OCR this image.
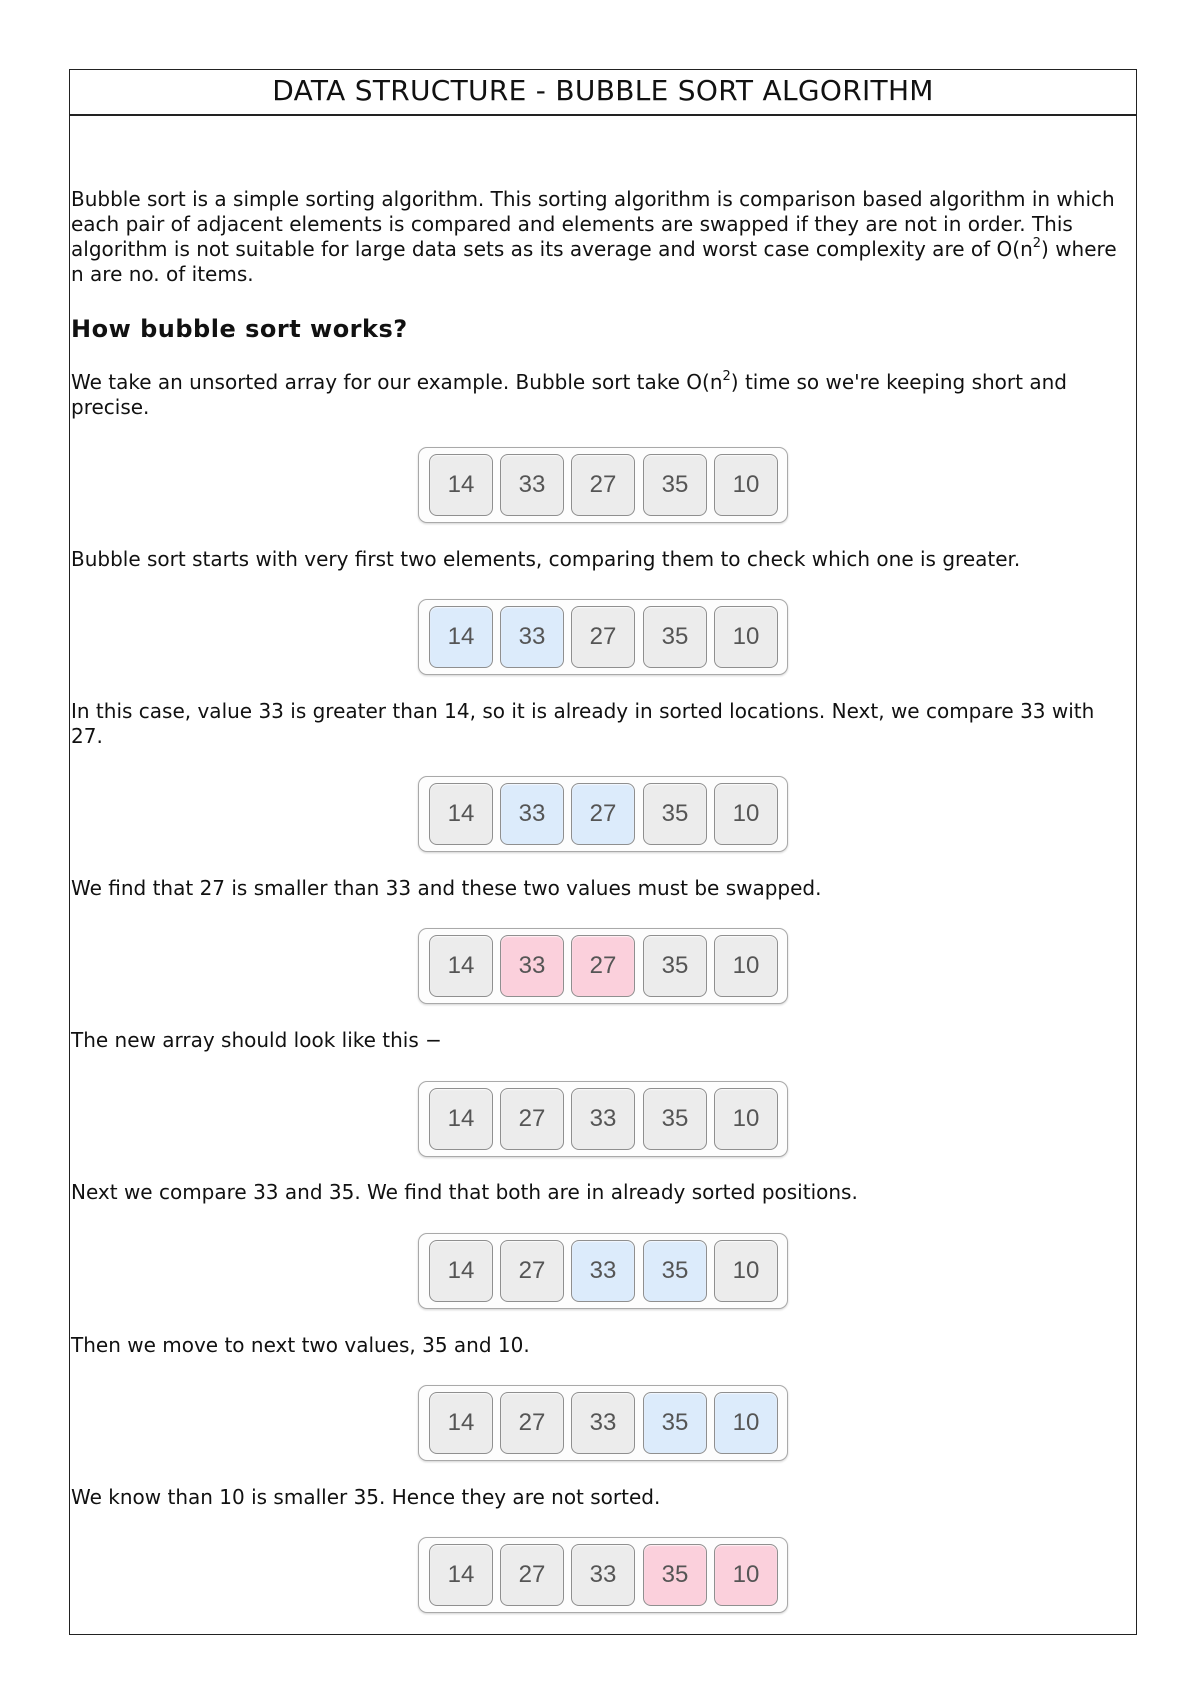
DATA STRUCTURE - BUBBLE SORT ALGORITHM

Bubble sort is a simple sorting algorithm. This sorting algorithm is comparison based algorithm in which each pair of adjacent elements is compared and elements are swapped if they are not in order. This algorithm is not suitable for large data sets as its average and worst case complexity are of $O(n^2)$ where n are no. of items.

How bubble sort works?

We take an unsorted array for our example. Bubble sort take $O(n^2)$ time so we're keeping short and precise.

14	33	27	35	10

Bubble sort starts with very first two elements, comparing them to check which one is greater.

14	33	27	35	10

In this case, value 33 is greater than 14, so it is already in sorted locations. Next, we compare 33 with 27.

14	33	27	35	10

We find that 27 is smaller than 33 and these two values must be swapped.

14	33	27	35	10

The new array should look like this −

14	27	33	35	10

Next we compare 33 and 35. We find that both are in already sorted positions.

14	27	33	35	10

Then we move to next two values, 35 and 10.

14	27	33	35	10

We know than 10 is smaller 35. Hence they are not sorted.

14	27	33	35	10
